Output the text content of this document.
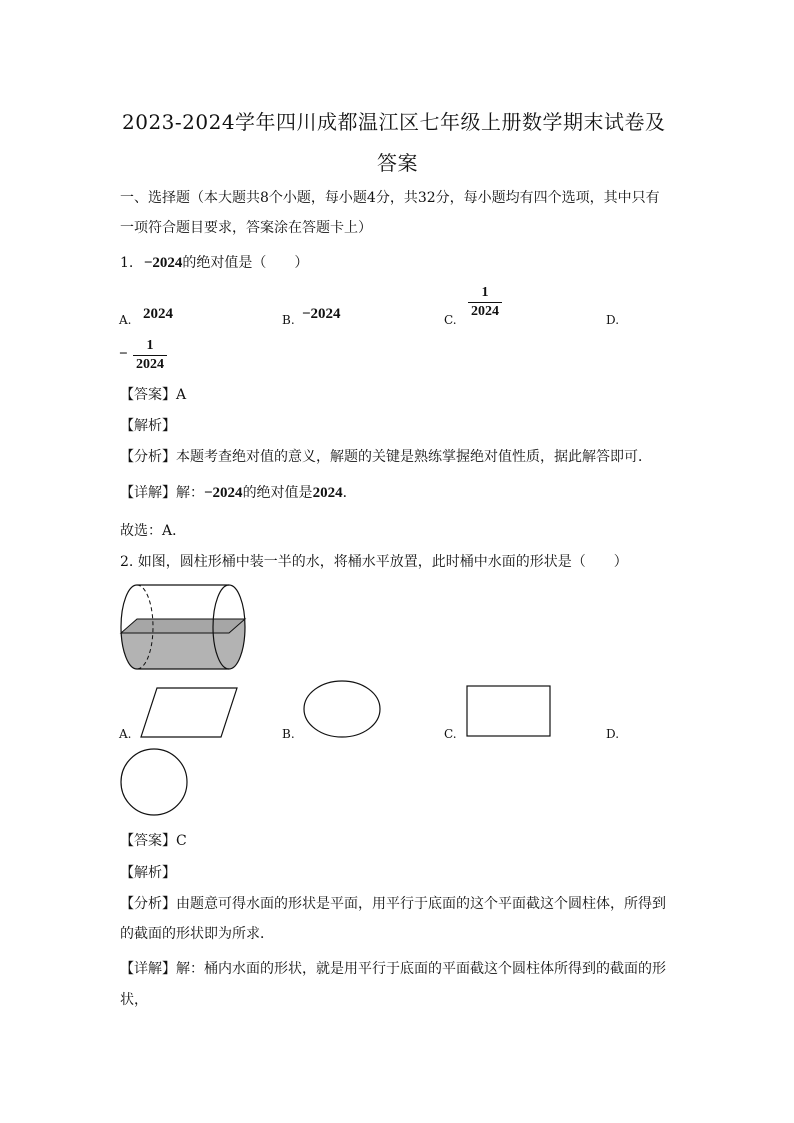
2023-2024学年四川成都温江区七年级上册数学期末试卷及
答案
一、选择题（本大题共8个小题，每小题4分，共32分，每小题均有四个选项，其中只有
一项符合题目要求，答案涂在答题卡上）
1. −2024的绝对值是（　　）
A. 2024	B. −2024	C.
1
2024
D.
−
1
2024
【答案】A
【解析】
【分析】本题考查绝对值的意义，解题的关键是熟练掌握绝对值性质，据此解答即可．
【详解】解：−2024的绝对值是2024．
故选：A．
2. 如图，圆柱形桶中装一半的水，将桶水平放置，此时桶中水面的形状是（　　）
A.	B.	C.	D.
【答案】C
【解析】
【分析】由题意可得水面的形状是平面，用平行于底面的这个平面截这个圆柱体，所得到
的截面的形状即为所求．
【详解】解：桶内水面的形状，就是用平行于底面的平面截这个圆柱体所得到的截面的形
状，
